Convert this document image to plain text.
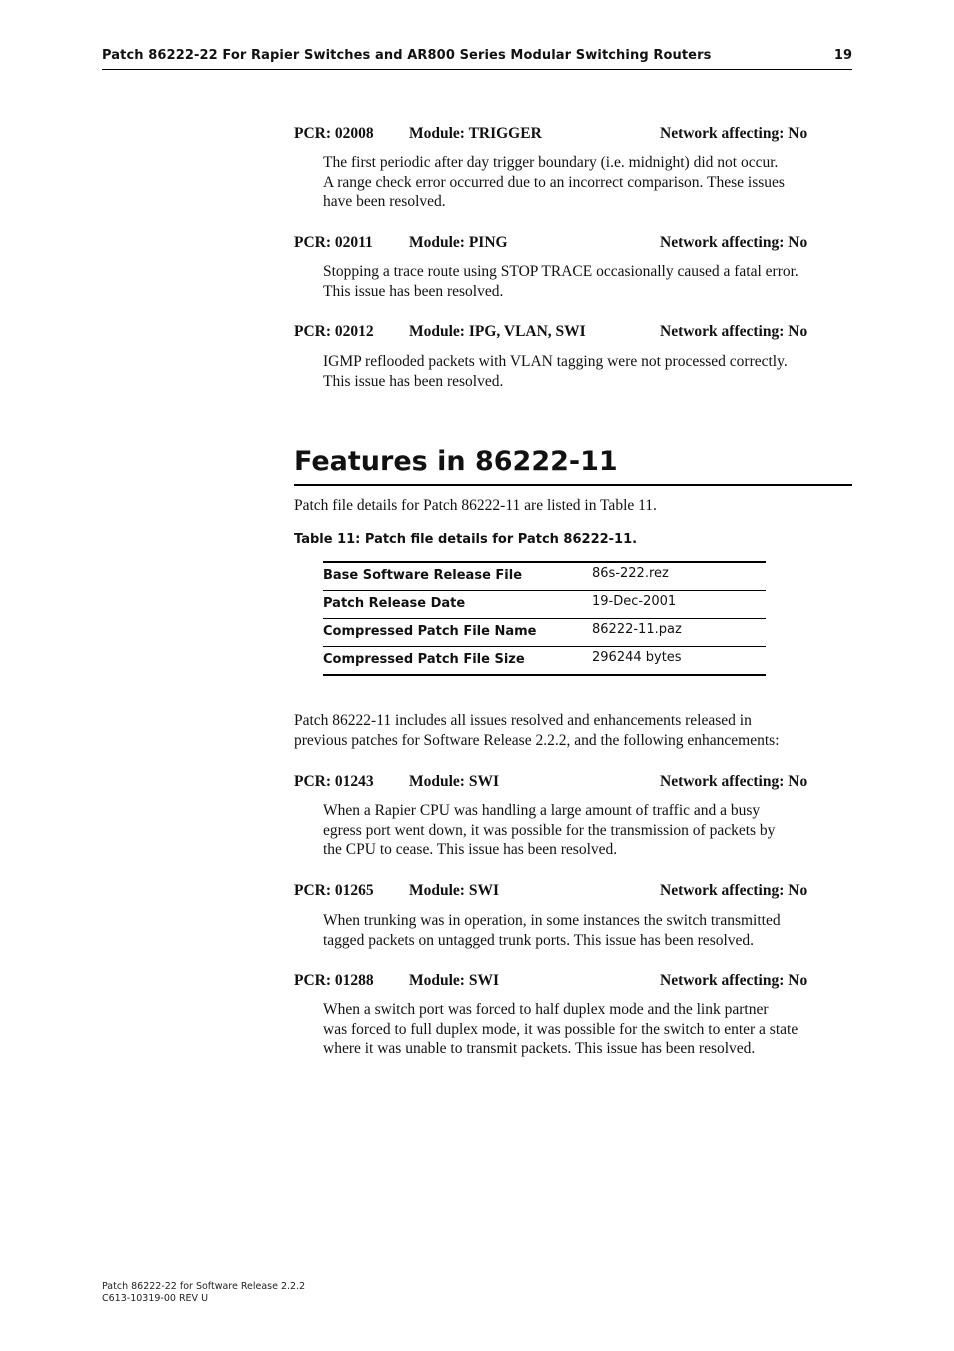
Patch 86222-22 For Rapier Switches and AR800 Series Modular Switching Routers	19
PCR: 02008 Module: TRIGGER	Network affecting: No
The first periodic after day trigger boundary (i.e. midnight) did not occur.
A range check error occurred due to an incorrect comparison. These issues
have been resolved.
PCR: 02011 Module: PING	Network affecting: No
Stopping a trace route using STOP TRACE occasionally caused a fatal error.
This issue has been resolved.
PCR: 02012 Module: IPG, VLAN, SWI	Network affecting: No
IGMP reflooded packets with VLAN tagging were not processed correctly.
This issue has been resolved.
Features in 86222-11
Patch file details for Patch 86222-11 are listed in Table 11.
Table 11: Patch file details for Patch 86222-11.
Base Software Release File	86s-222.rez
Patch Release Date	19-Dec-2001
Compressed Patch File Name	86222-11.paz
Compressed Patch File Size	296244 bytes
Patch 86222-11 includes all issues resolved and enhancements released in
previous patches for Software Release 2.2.2, and the following enhancements:
PCR: 01243 Module: SWI	Network affecting: No
When a Rapier CPU was handling a large amount of traffic and a busy
egress port went down, it was possible for the transmission of packets by
the CPU to cease. This issue has been resolved.
PCR: 01265 Module: SWI	Network affecting: No
When trunking was in operation, in some instances the switch transmitted
tagged packets on untagged trunk ports. This issue has been resolved.
PCR: 01288 Module: SWI	Network affecting: No
When a switch port was forced to half duplex mode and the link partner
was forced to full duplex mode, it was possible for the switch to enter a state
where it was unable to transmit packets. This issue has been resolved.
Patch 86222-22 for Software Release 2.2.2
C613-10319-00 REV U
